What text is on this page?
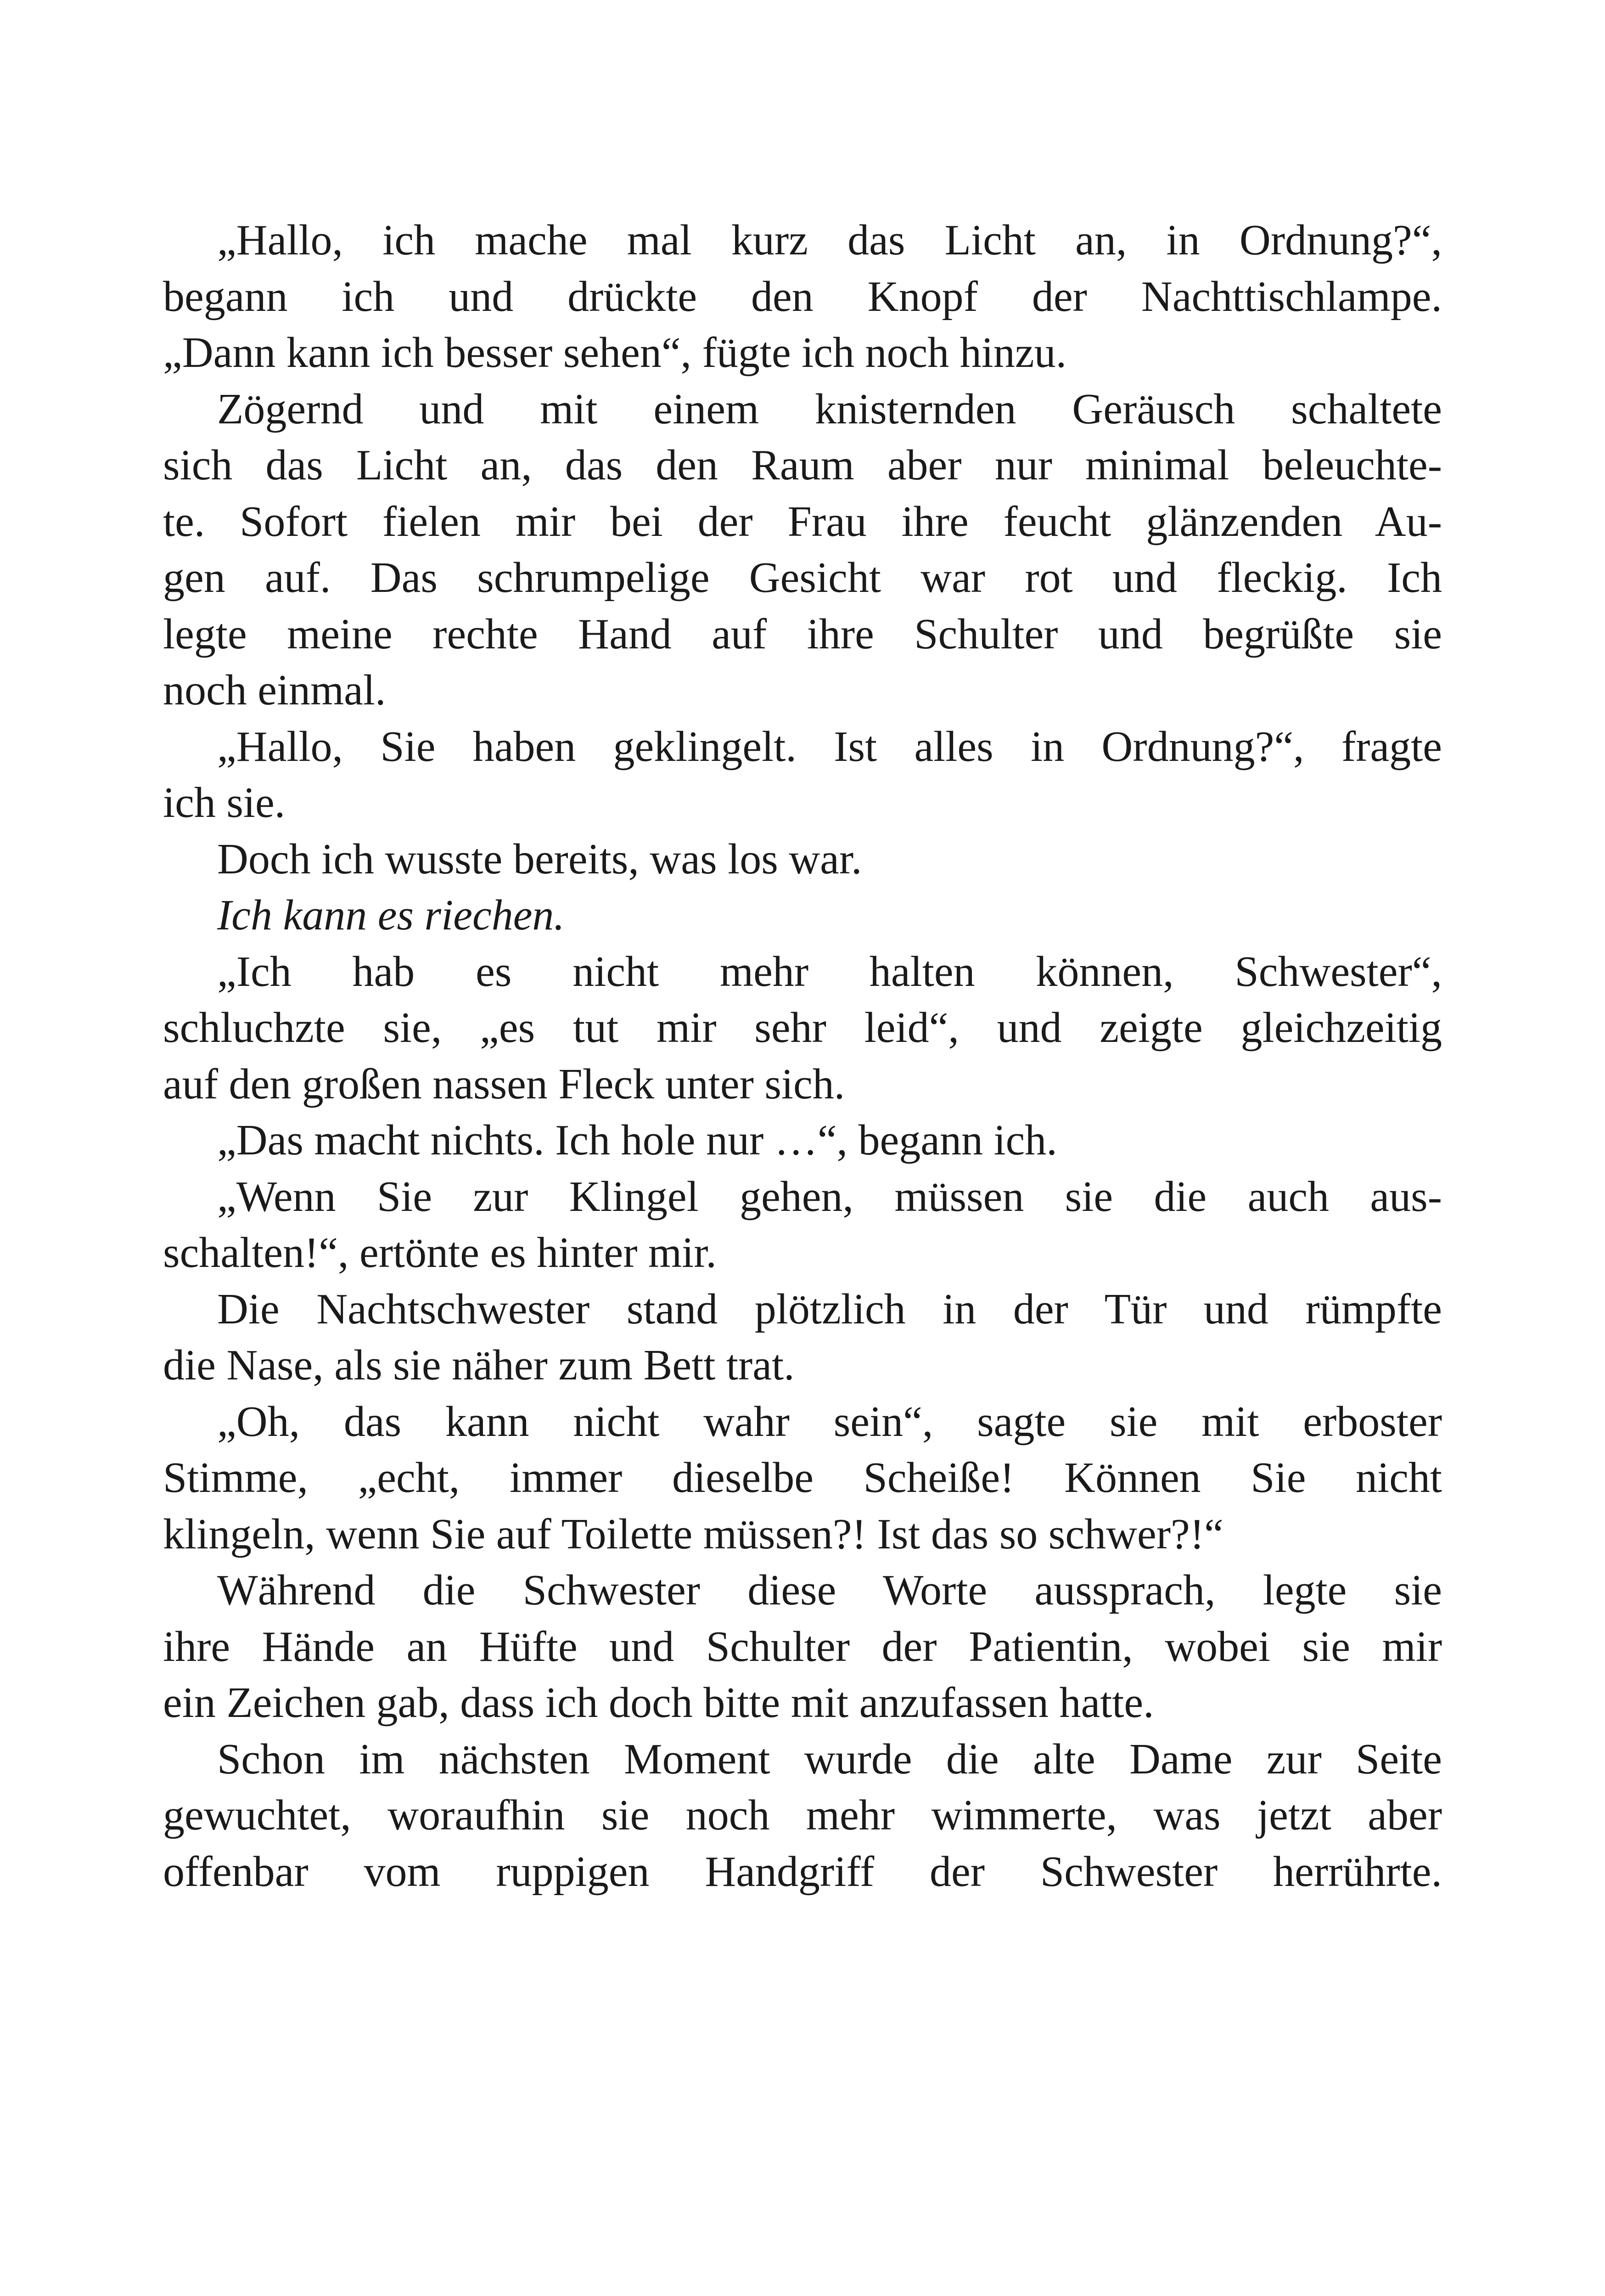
„Hallo, ich mache mal kurz das Licht an, in Ordnung?“,
begann ich und drückte den Knopf der Nachttischlampe.
„Dann kann ich besser sehen“, fügte ich noch hinzu.
Zögernd und mit einem knisternden Geräusch schaltete
sich das Licht an, das den Raum aber nur minimal beleuchte-
te. Sofort fielen mir bei der Frau ihre feucht glänzenden Au-
gen auf. Das schrumpelige Gesicht war rot und fleckig. Ich
legte meine rechte Hand auf ihre Schulter und begrüßte sie
noch einmal.
„Hallo, Sie haben geklingelt. Ist alles in Ordnung?“, fragte
ich sie.
Doch ich wusste bereits, was los war.
Ich kann es riechen.
„Ich hab es nicht mehr halten können, Schwester“,
schluchzte sie, „es tut mir sehr leid“, und zeigte gleichzeitig
auf den großen nassen Fleck unter sich.
„Das macht nichts. Ich hole nur …“, begann ich.
„Wenn Sie zur Klingel gehen, müssen sie die auch aus-
schalten!“, ertönte es hinter mir.
Die Nachtschwester stand plötzlich in der Tür und rümpfte
die Nase, als sie näher zum Bett trat.
„Oh, das kann nicht wahr sein“, sagte sie mit erboster
Stimme, „echt, immer dieselbe Scheiße! Können Sie nicht
klingeln, wenn Sie auf Toilette müssen?! Ist das so schwer?!“
Während die Schwester diese Worte aussprach, legte sie
ihre Hände an Hüfte und Schulter der Patientin, wobei sie mir
ein Zeichen gab, dass ich doch bitte mit anzufassen hatte.
Schon im nächsten Moment wurde die alte Dame zur Seite
gewuchtet, woraufhin sie noch mehr wimmerte, was jetzt aber
offenbar vom ruppigen Handgriff der Schwester herrührte.
